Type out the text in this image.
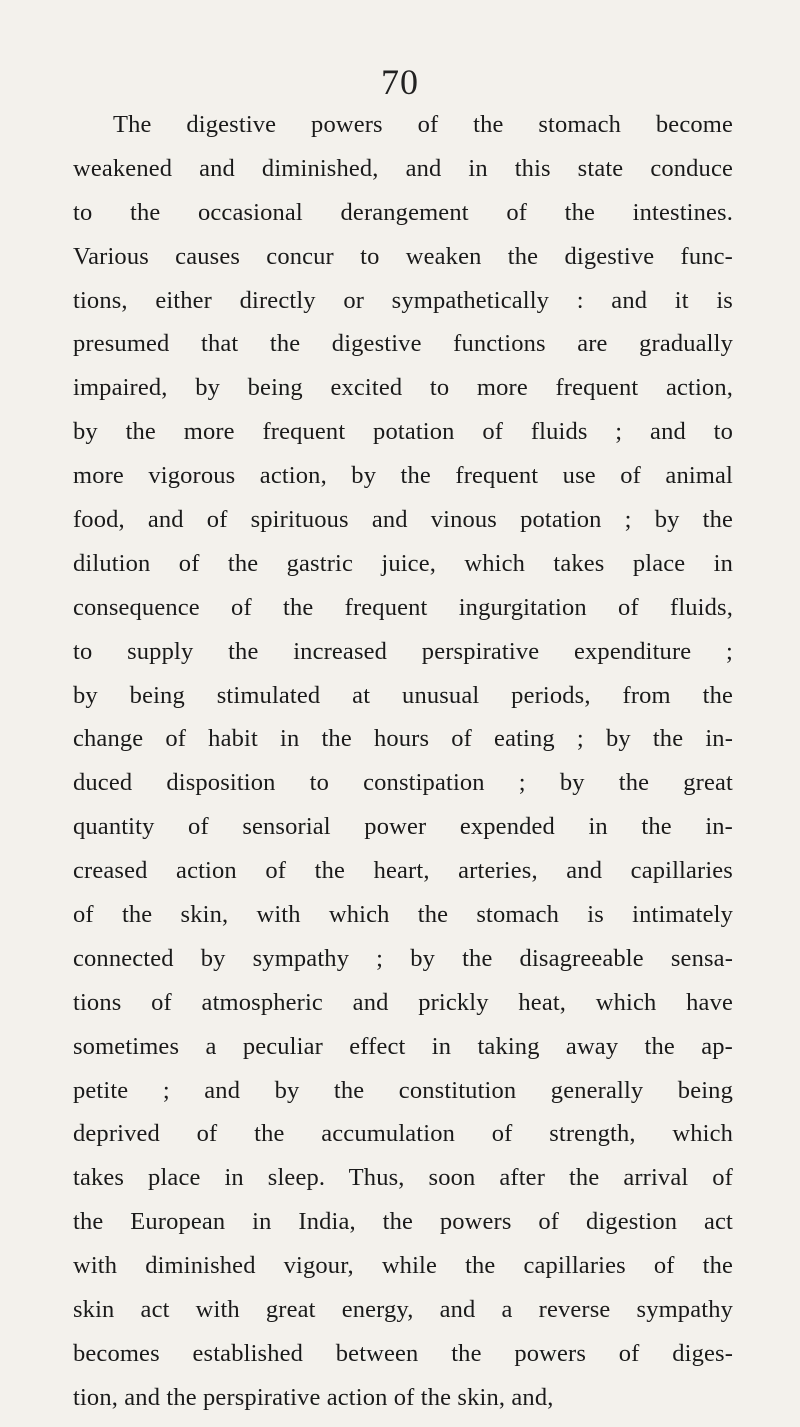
70
The digestive powers of the stomach become
weakened and diminished, and in this state conduce
to the occasional derangement of the intestines.
Various causes concur to weaken the digestive func-
tions, either directly or sympathetically : and it is
presumed that the digestive functions are gradually
impaired, by being excited to more frequent action,
by the more frequent potation of fluids ; and to
more vigorous action, by the frequent use of animal
food, and of spirituous and vinous potation ; by the
dilution of the gastric juice, which takes place in
consequence of the frequent ingurgitation of fluids,
to supply the increased perspirative expenditure ;
by being stimulated at unusual periods, from the
change of habit in the hours of eating ; by the in-
duced disposition to constipation ; by the great
quantity of sensorial power expended in the in-
creased action of the heart, arteries, and capillaries
of the skin, with which the stomach is intimately
connected by sympathy ; by the disagreeable sensa-
tions of atmospheric and prickly heat, which have
sometimes a peculiar effect in taking away the ap-
petite ; and by the constitution generally being
deprived of the accumulation of strength, which
takes place in sleep. Thus, soon after the arrival of
the European in India, the powers of digestion act
with diminished vigour, while the capillaries of the
skin act with great energy, and a reverse sympathy
becomes established between the powers of diges-
tion, and the perspirative action of the skin, and,
